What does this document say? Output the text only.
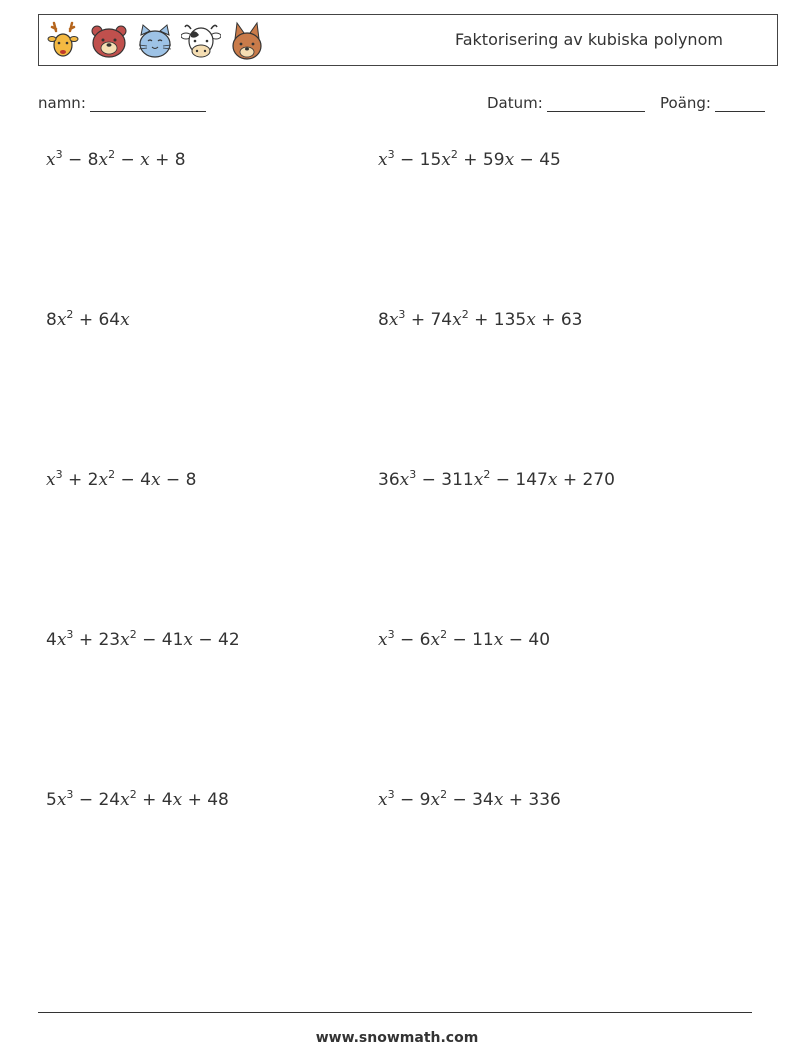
Faktorisering av kubiska polynom
namn:	Datum:	Poäng:
$x^3 - 8x^2 - x + 8$	$x^3 - 15x^2 + 59x - 45$
$8x^2 + 64x$	$8x^3 + 74x^2 + 135x + 63$
$x^3 + 2x^2 - 4x - 8$	$36x^3 - 311x^2 - 147x + 270$
$4x^3 + 23x^2 - 41x - 42$	$x^3 - 6x^2 - 11x - 40$
$5x^3 - 24x^2 + 4x + 48$	$x^3 - 9x^2 - 34x + 336$
www.snowmath.com
